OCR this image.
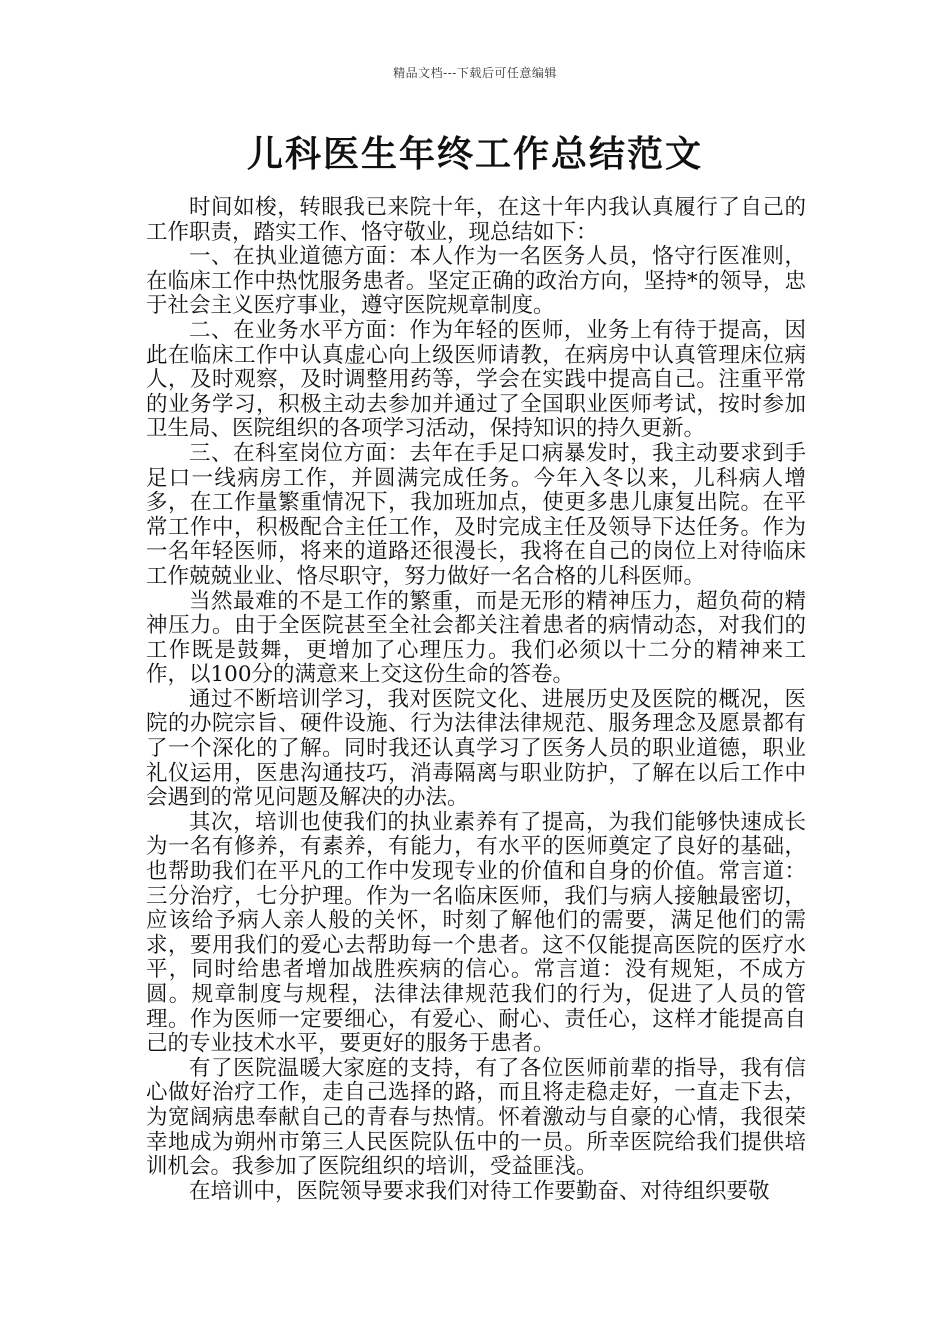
精品文档---下载后可任意编辑
儿科医生年终工作总结范文

时间如梭，转眼我已来院十年，在这十年内我认真履行了自己的工作职责，踏实工作、恪守敬业，现总结如下：

一、在执业道德方面：本人作为一名医务人员，恪守行医准则，在临床工作中热忱服务患者。坚定正确的政治方向，坚持*的领导，忠于社会主义医疗事业，遵守医院规章制度。

二、在业务水平方面：作为年轻的医师，业务上有待于提高，因此在临床工作中认真虚心向上级医师请教，在病房中认真管理床位病人，及时观察，及时调整用药等，学会在实践中提高自己。注重平常的业务学习，积极主动去参加并通过了全国职业医师考试，按时参加卫生局、医院组织的各项学习活动，保持知识的持久更新。

三、在科室岗位方面：去年在手足口病暴发时，我主动要求到手足口一线病房工作，并圆满完成任务。今年入冬以来，儿科病人增多，在工作量繁重情况下，我加班加点，使更多患儿康复出院。在平常工作中，积极配合主任工作，及时完成主任及领导下达任务。作为一名年轻医师，将来的道路还很漫长，我将在自己的岗位上对待临床工作兢兢业业、恪尽职守，努力做好一名合格的儿科医师。

当然最难的不是工作的繁重，而是无形的精神压力，超负荷的精神压力。由于全医院甚至全社会都关注着患者的病情动态，对我们的工作既是鼓舞，更增加了心理压力。我们必须以十二分的精神来工作，以100分的满意来上交这份生命的答卷。

通过不断培训学习，我对医院文化、进展历史及医院的概况，医院的办院宗旨、硬件设施、行为法律法律规范、服务理念及愿景都有了一个深化的了解。同时我还认真学习了医务人员的职业道德，职业礼仪运用，医患沟通技巧，消毒隔离与职业防护，了解在以后工作中会遇到的常见问题及解决的办法。

其次，培训也使我们的执业素养有了提高，为我们能够快速成长为一名有修养，有素养，有能力，有水平的医师奠定了良好的基础，也帮助我们在平凡的工作中发现专业的价值和自身的价值。常言道：三分治疗，七分护理。作为一名临床医师，我们与病人接触最密切，应该给予病人亲人般的关怀，时刻了解他们的需要，满足他们的需求，要用我们的爱心去帮助每一个患者。这不仅能提高医院的医疗水平，同时给患者增加战胜疾病的信心。常言道：没有规矩，不成方圆。规章制度与规程，法律法律规范我们的行为，促进了人员的管理。作为医师一定要细心，有爱心、耐心、责任心，这样才能提高自己的专业技术水平，要更好的服务于患者。

有了医院温暖大家庭的支持，有了各位医师前辈的指导，我有信心做好治疗工作，走自己选择的路，而且将走稳走好，一直走下去，为宽阔病患奉献自己的青春与热情。怀着激动与自豪的心情，我很荣幸地成为朔州市第三人民医院队伍中的一员。所幸医院给我们提供培训机会。我参加了医院组织的培训，受益匪浅。

在培训中，医院领导要求我们对待工作要勤奋、对待组织要敬
